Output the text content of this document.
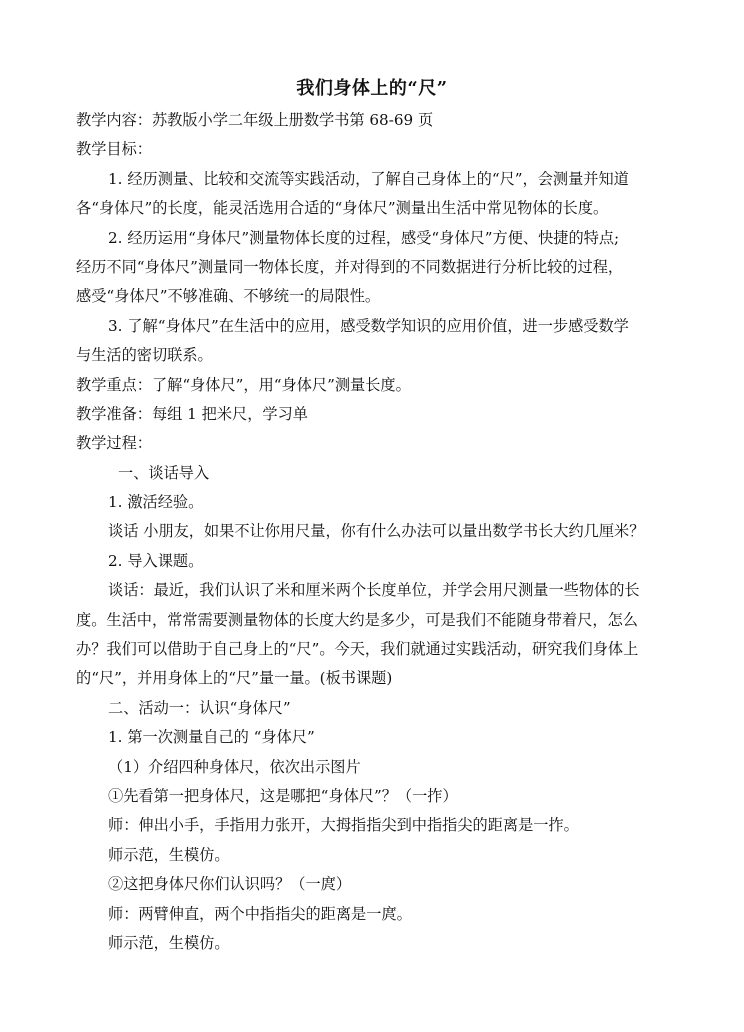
我们身体上的“尺”
教学内容：苏教版小学二年级上册数学书第 68-69 页
教学目标：
1. 经历测量、比较和交流等实践活动，了解自己身体上的“尺”，会测量并知道
各“身体尺”的长度，能灵活选用合适的“身体尺”测量出生活中常见物体的长度。
2. 经历运用“身体尺”测量物体长度的过程，感受“身体尺”方便、快捷的特点;
经历不同“身体尺”测量同一物体长度，并对得到的不同数据进行分析比较的过程，
感受“身体尺”不够准确、不够统一的局限性。
3. 了解“身体尺”在生活中的应用，感受数学知识的应用价值，进一步感受数学
与生活的密切联系。
教学重点：了解“身体尺”，用“身体尺”测量长度。
教学准备：每组 1 把米尺，学习单
教学过程：
一、谈话导入
1. 激活经验。
谈话 小朋友，如果不让你用尺量，你有什么办法可以量出数学书长大约几厘米？
2. 导入课题。
谈话：最近，我们认识了米和厘米两个长度单位，并学会用尺测量一些物体的长
度。生活中，常常需要测量物体的长度大约是多少，可是我们不能随身带着尺，怎么
办？我们可以借助于自己身上的“尺”。今天，我们就通过实践活动，研究我们身体上
的“尺”，并用身体上的“尺”量一量。(板书课题)
二、活动一：认识“身体尺”
1. 第一次测量自己的 “身体尺”
（1）介绍四种身体尺，依次出示图片
①先看第一把身体尺，这是哪把“身体尺”？（一拃）
师：伸出小手，手指用力张开，大拇指指尖到中指指尖的距离是一拃。
师示范，生模仿。
②这把身体尺你们认识吗？（一庹）
师：两臂伸直，两个中指指尖的距离是一庹。
师示范，生模仿。
